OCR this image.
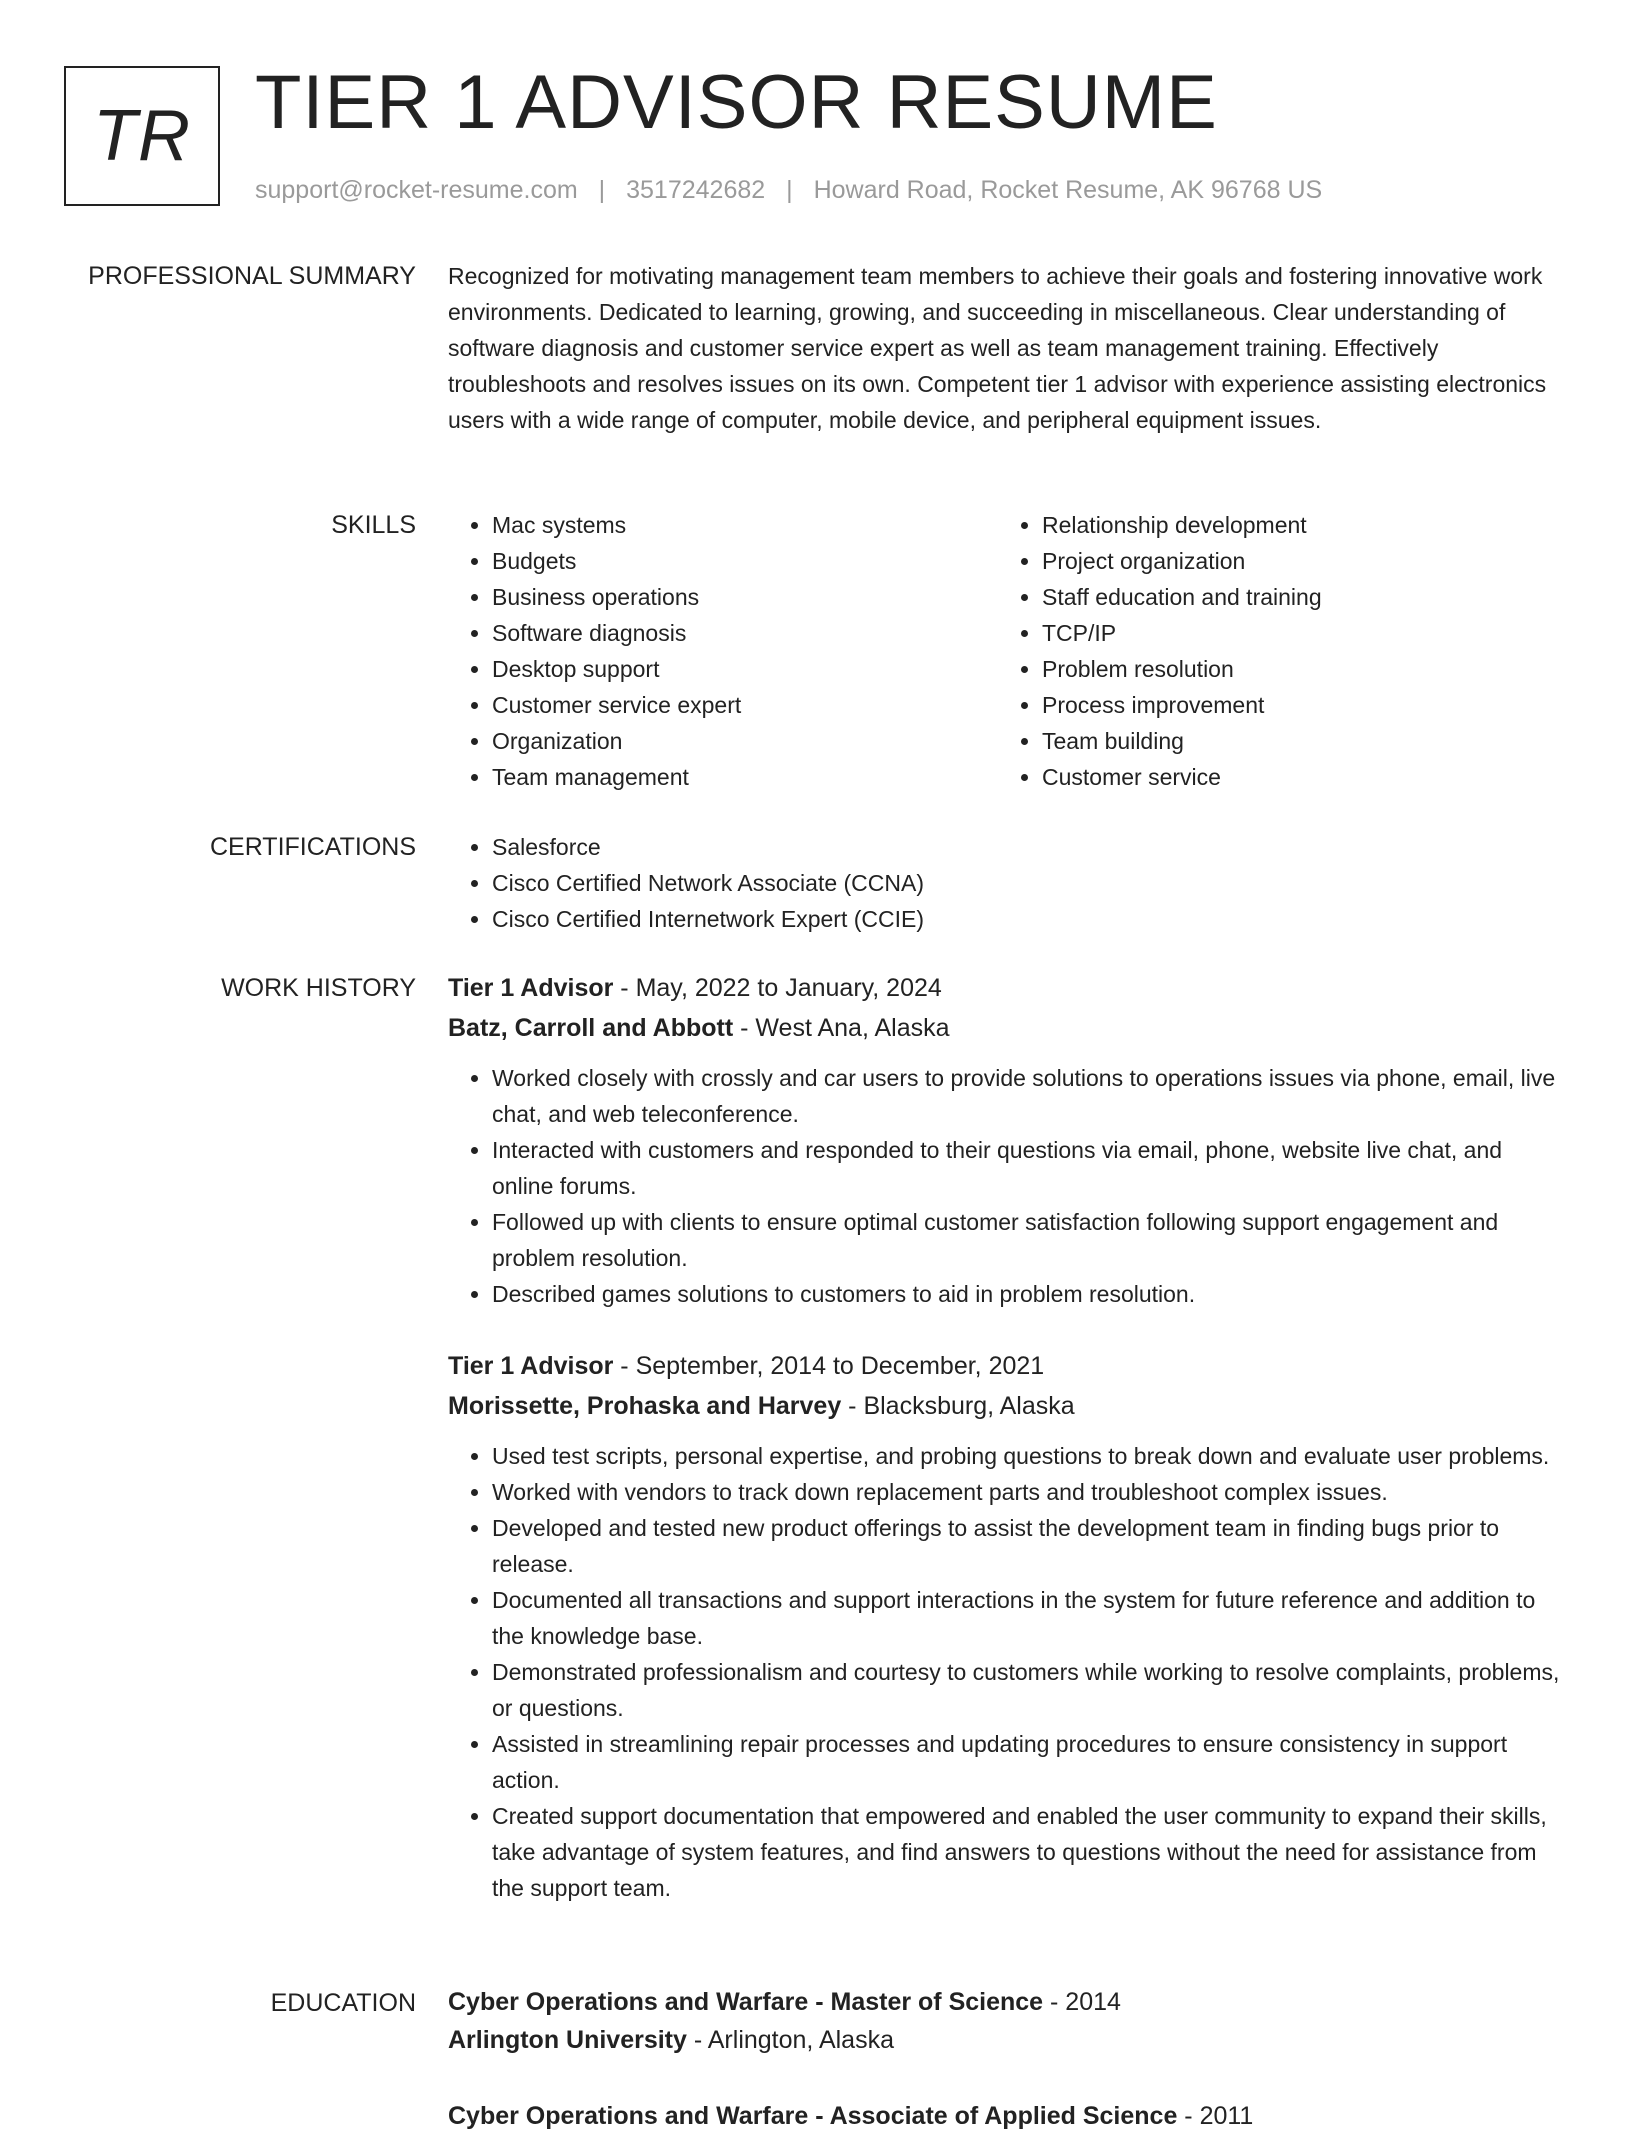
TR TIER 1 ADVISOR RESUME
support@rocket-resume.com | 3517242682 | Howard Road, Rocket Resume, AK 96768 US
PROFESSIONAL SUMMARY Recognized for motivating management team members to achieve their goals and fostering innovative work environments. Dedicated to learning, growing, and succeeding in miscellaneous. Clear understanding of software diagnosis and customer service expert as well as team management training. Effectively troubleshoots and resolves issues on its own. Competent tier 1 advisor with experience assisting electronics users with a wide range of computer, mobile device, and peripheral equipment issues.

SKILLS	• Mac systems
• Budgets
• Business operations
• Software diagnosis
• Desktop support
• Customer service expert
• Organization
• Team management
• Relationship development
• Project organization
• Staff education and training
• TCP/IP
• Problem resolution
• Process improvement
• Team building
• Customer service
CERTIFICATIONS	• Salesforce
• Cisco Certified Network Associate (CCNA)
• Cisco Certified Internetwork Expert (CCIE)
WORK HISTORY Tier 1 Advisor - May, 2022 to January, 2024
Batz, Carroll and Abbott - West Ana, Alaska
• Worked closely with crossly and car users to provide solutions to operations issues via phone, email, live chat, and web teleconference.
• Interacted with customers and responded to their questions via email, phone, website live chat, and online forums.
• Followed up with clients to ensure optimal customer satisfaction following support engagement and problem resolution.
• Described games solutions to customers to aid in problem resolution.
Tier 1 Advisor - September, 2014 to December, 2021
Morissette, Prohaska and Harvey - Blacksburg, Alaska
• Used test scripts, personal expertise, and probing questions to break down and evaluate user problems.
• Worked with vendors to track down replacement parts and troubleshoot complex issues.
• Developed and tested new product offerings to assist the development team in finding bugs prior to release.
• Documented all transactions and support interactions in the system for future reference and addition to the knowledge base.
• Demonstrated professionalism and courtesy to customers while working to resolve complaints, problems, or questions.
• Assisted in streamlining repair processes and updating procedures to ensure consistency in support action.
• Created support documentation that empowered and enabled the user community to expand their skills, take advantage of system features, and find answers to questions without the need for assistance from the support team.
EDUCATION Cyber Operations and Warfare - Master of Science - 2014
Arlington University - Arlington, Alaska
Cyber Operations and Warfare - Associate of Applied Science - 2011
